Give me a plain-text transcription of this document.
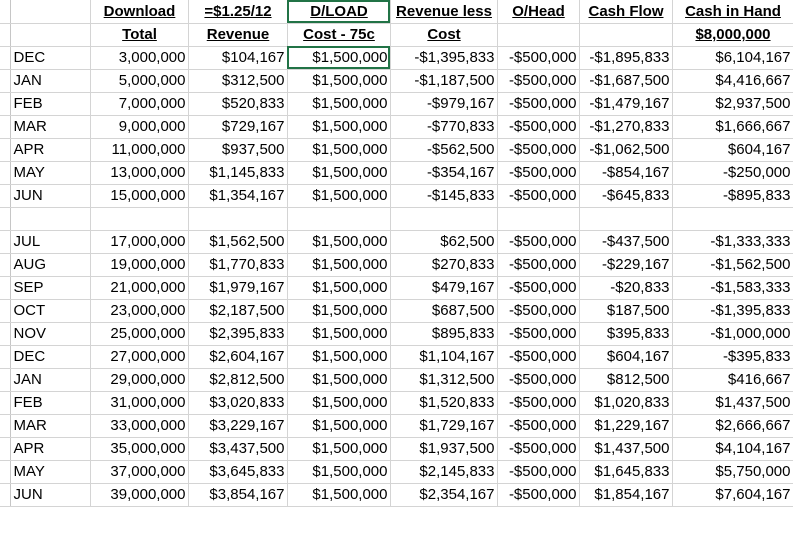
		Download	=$1.25/12	D/LOAD	Revenue less	O/Head	Cash Flow	Cash in Hand
		Total	Revenue	Cost - 75c	Cost			$8,000,000
	DEC	3,000,000	$104,167	$1,500,000	-$1,395,833	-$500,000	-$1,895,833	$6,104,167
	JAN	5,000,000	$312,500	$1,500,000	-$1,187,500	-$500,000	-$1,687,500	$4,416,667
	FEB	7,000,000	$520,833	$1,500,000	-$979,167	-$500,000	-$1,479,167	$2,937,500
	MAR	9,000,000	$729,167	$1,500,000	-$770,833	-$500,000	-$1,270,833	$1,666,667
	APR	11,000,000	$937,500	$1,500,000	-$562,500	-$500,000	-$1,062,500	$604,167
	MAY	13,000,000	$1,145,833	$1,500,000	-$354,167	-$500,000	-$854,167	-$250,000
	JUN	15,000,000	$1,354,167	$1,500,000	-$145,833	-$500,000	-$645,833	-$895,833

	JUL	17,000,000	$1,562,500	$1,500,000	$62,500	-$500,000	-$437,500	-$1,333,333
	AUG	19,000,000	$1,770,833	$1,500,000	$270,833	-$500,000	-$229,167	-$1,562,500
	SEP	21,000,000	$1,979,167	$1,500,000	$479,167	-$500,000	-$20,833	-$1,583,333
	OCT	23,000,000	$2,187,500	$1,500,000	$687,500	-$500,000	$187,500	-$1,395,833
	NOV	25,000,000	$2,395,833	$1,500,000	$895,833	-$500,000	$395,833	-$1,000,000
	DEC	27,000,000	$2,604,167	$1,500,000	$1,104,167	-$500,000	$604,167	-$395,833
	JAN	29,000,000	$2,812,500	$1,500,000	$1,312,500	-$500,000	$812,500	$416,667
	FEB	31,000,000	$3,020,833	$1,500,000	$1,520,833	-$500,000	$1,020,833	$1,437,500
	MAR	33,000,000	$3,229,167	$1,500,000	$1,729,167	-$500,000	$1,229,167	$2,666,667
	APR	35,000,000	$3,437,500	$1,500,000	$1,937,500	-$500,000	$1,437,500	$4,104,167
	MAY	37,000,000	$3,645,833	$1,500,000	$2,145,833	-$500,000	$1,645,833	$5,750,000
	JUN	39,000,000	$3,854,167	$1,500,000	$2,354,167	-$500,000	$1,854,167	$7,604,167
